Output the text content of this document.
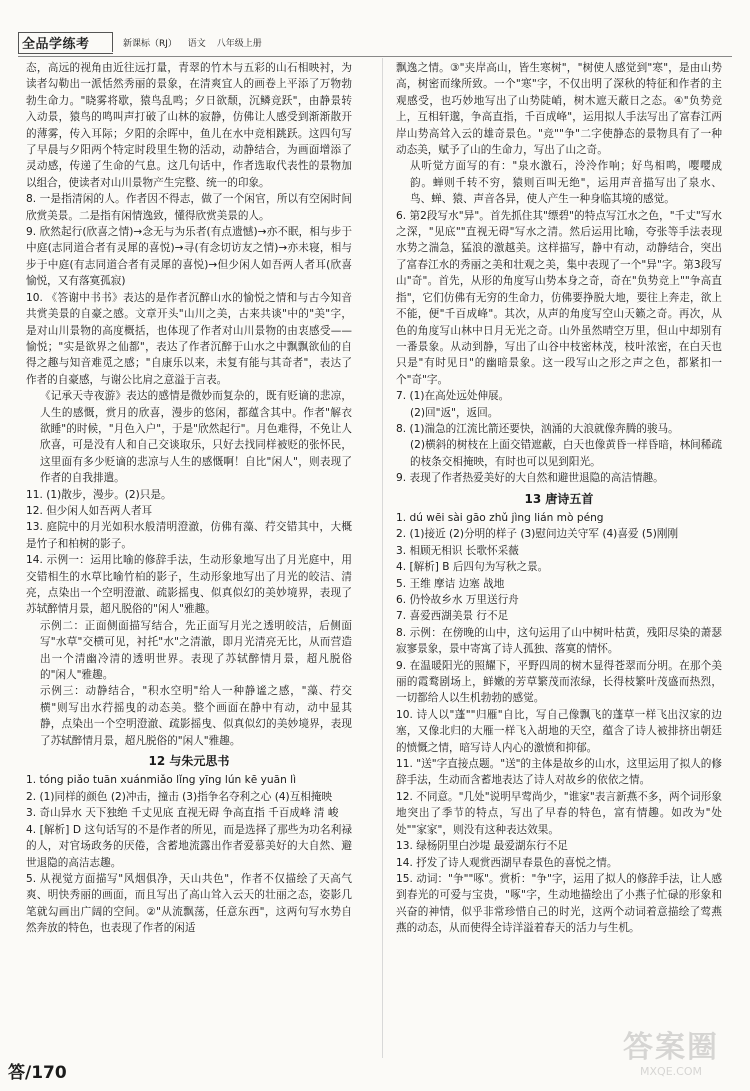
全品学练考	新课标（RJ） 语文 八年级上册

态，高远的视角由近往远打量，青翠的竹木与五彩的山石相映衬，为读者勾勒出一派恬然秀丽的景象，在清爽宜人的画卷上平添了万物勃勃生命力。"晓雾将歇，猿鸟乱鸣；夕日欲颓，沉鳞竞跃"，由静景转入动景，猿鸟的鸣叫声打破了山林的寂静，仿佛让人感受到渐渐散开的薄雾，传入耳际；夕阳的余晖中，鱼儿在水中竞相跳跃。这四句写了早晨与夕阳两个特定时段里生物的活动，动静结合，为画面增添了灵动感，传递了生命的气息。这几句话中，作者选取代表性的景物加以组合，使读者对山川景物产生完整、统一的印象。

8. 一是指清闲的人。作者因不得志，做了一个闲官，所以有空闲时间欣赏美景。二是指有闲情逸致，懂得欣赏美景的人。

9. 欣然起行(欣喜之情)→念无与为乐者(有点遗憾)→亦不眠，相与步于中庭(志同道合者有灵犀的喜悦)→寻(有念切访友之情)→亦未寝，相与步于中庭(有志同道合者有灵犀的喜悦)→但少闲人如吾两人者耳(欣喜愉悦，又有落寞孤寂)

10. 《答谢中书书》表达的是作者沉醉山水的愉悦之情和与古今知音共赏美景的自豪之感。文章开头"山川之美，古来共谈"中的"美"字，是对山川景物的高度概括，也体现了作者对山川景物的由衷感受——愉悦；"实是欲界之仙都"，表达了作者沉醉于山水之中飘飘欲仙的自得之趣与知音难觅之感；"自康乐以来，未复有能与其奇者"，表达了作者的自豪感，与谢公比肩之意溢于言表。

《记承天寺夜游》表达的感情是微妙而复杂的，既有贬谪的悲凉，人生的感慨，赏月的欣喜，漫步的悠闲，都蕴含其中。作者"解衣欲睡"的时候，"月色入户"，于是"欣然起行"。月色难得，不免让人欣喜，可是没有人和自己交谈取乐，只好去找同样被贬的张怀民，这里面有多少贬谪的悲凉与人生的感慨啊！自比"闲人"，则表现了作者的自我排遣。

11. (1)散步，漫步。(2)只是。

12. 但少闲人如吾两人者耳

13. 庭院中的月光如积水般清明澄澈，仿佛有藻、荇交错其中，大概是竹子和柏树的影子。

14. 示例一：运用比喻的修辞手法，生动形象地写出了月光庭中，用交错相生的水草比喻竹柏的影子，生动形象地写出了月光的皎洁、清亮，点染出一个空明澄澈、疏影摇曳、似真似幻的美妙境界，表现了苏轼醉情月景，超凡脱俗的"闲人"雅趣。

示例二：正面侧面描写结合，先正面写月光之透明皎洁，后侧面写"水草"交横可见，衬托"水"之清澈，即月光清亮无比，从而营造出一个清幽冷清的透明世界。表现了苏轼醉情月景，超凡脱俗的"闲人"雅趣。

示例三：动静结合，"积水空明"给人一种静谧之感，"藻、荇交横"则写出水荇摇曳的动态美。整个画面在静中有动，动中显其静，点染出一个空明澄澈、疏影摇曳、似真似幻的美妙境界，表现了苏轼醉情月景，超凡脱俗的"闲人"雅趣。

12 与朱元思书

1. tóng piǎo tuān xuánmiǎo lǐng yīng lún kē yuān lì

2. (1)同样的颜色 (2)冲击，撞击 (3)指争名夺利之心 (4)互相掩映

3. 奇山异水 天下独绝 千丈见底 直视无碍 争高直指 千百成峰 清 峻

4. [解析] D 这句话写的不是作者的所见，而是选择了那些为功名利禄的人，对官场政务的厌倦，含蓄地流露出作者爱慕美好的大自然、避世退隐的高洁志趣。

5. 从视觉方面描写"风烟俱净，天山共色"，作者不仅描绘了天高气爽、明快秀丽的画面，而且写出了高山耸入云天的壮丽之态，姿影几笔就勾画出广阔的空间。②"从流飘荡，任意东西"，这两句写水势自然奔放的特色，也表现了作者的闲适

飘逸之情。③"夹岸高山，皆生寒树"，"树使人感觉到"寒"，是由山势高，树密而缘所致。一个"寒"字，不仅出明了深秋的特征和作者的主观感受，也巧妙地写出了山势陡峭，树木遮天蔽日之态。④"负势竞上，互相轩邈，争高直指，千百成峰"，运用拟人手法写出了富春江两岸山势高耸入云的雄奇景色。"竞""争"二字使静态的景物具有了一种动态美，赋予了山的生命力，写出了山之奇。

从听觉方面写的有："泉水激石，泠泠作响；好鸟相鸣，嘤嘤成韵。蝉则千转不穷，猿则百叫无绝"，运用声音描写出了泉水、鸟、蝉、猿、声音各异，使人产生一种身临其境的感觉。

6. 第2段写水"异"。首先抓住其"缥碧"的特点写江水之色，"千丈"写水之深，"见底""直视无碍"写水之清。然后运用比喻，夸张等手法表现水势之湍急，猛浪的激越美。这样描写，静中有动，动静结合，突出了富春江水的秀丽之美和壮观之美，集中表现了一个"异"字。第3段写山"奇"。首先，从形的角度写山势本身之奇，奇在"负势竞上""争高直指"，它们仿佛有无穷的生命力，仿佛要挣脱大地，要往上奔走，欲上不能，便"千百成峰"。其次，从声的角度写空山天籁之奇。再次，从色的角度写山林中日月无光之奇。山外虽然晴空万里，但山中却别有一番景象。从动到静，写出了山谷中枝密林茂，枝叶浓密，在白天也只是"有时见日"的幽暗景象。这一段写山之形之声之色，都紧扣一个"奇"字。

7. (1)在高处远处伸展。

(2)回"返"，返回。

8. (1)湍急的江流比箭还要快，汹涌的大浪就像奔腾的骏马。

(2)横斜的树枝在上面交错遮蔽，白天也像黄昏一样昏暗，林间稀疏的枝条交相掩映，有时也可以见到阳光。

9. 表现了作者热爱美好的大自然和避世退隐的高洁情趣。

13 唐诗五首

1. dú wēi sài gāo zhǔ jìng lián mò péng

2. (1)接近 (2)分明的样子 (3)慰问边关守军 (4)喜爱 (5)刚刚

3. 相顾无相识 长歌怀采薇

4. [解析] B 后四句为写秋之景。

5. 王维 摩诘 边塞 战地

6. 仍怜故乡水 万里送行舟

7. 喜爱西湖美景 行不足

8. 示例：在傍晚的山中，这句运用了山中树叶枯黄，残阳尽染的萧瑟寂寥景象，景中寄寓了诗人孤独、落寞的情怀。

9. 在温暖阳光的照耀下，平野四周的树木显得苍翠而分明。在那个美丽的霞鹜剧场上，鲜嫩的芳草繁茂而浓绿，长得枝繁叶茂盛而热烈，一切都给人以生机勃勃的感觉。

10. 诗人以"蓬""归雁"自比，写自己像飘飞的蓬草一样飞出汉家的边塞，又像北归的大雁一样飞入胡地的天空，蕴含了诗人被排挤出朝廷的愤慨之情，暗写诗人内心的激愤和抑郁。

11. "送"字直接点题。"送"的主体是故乡的山水，这里运用了拟人的修辞手法，生动而含蓄地表达了诗人对故乡的依依之情。

12. 不同意。"几处"说明早莺尚少，"谁家"表言新燕不多，两个词形象地突出了季节的特点，写出了早春的特色，富有情趣。如改为"处处""家家"，则没有这种表达效果。

13. 绿杨阴里白沙堤 最爱湖东行不足

14. 抒发了诗人观赏西湖早春景色的喜悦之情。

15. 动词："争""啄"。赏析："争"字，运用了拟人的修辞手法，让人感到春光的可爱与宝贵，"啄"字，生动地描绘出了小燕子忙碌的形象和兴奋的神情，似乎非常珍惜自己的时光，这两个动词着意描绘了莺燕燕的动态，从而使得全诗洋溢着春天的活力与生机。

答/170
答案圈
MXQE.COM
